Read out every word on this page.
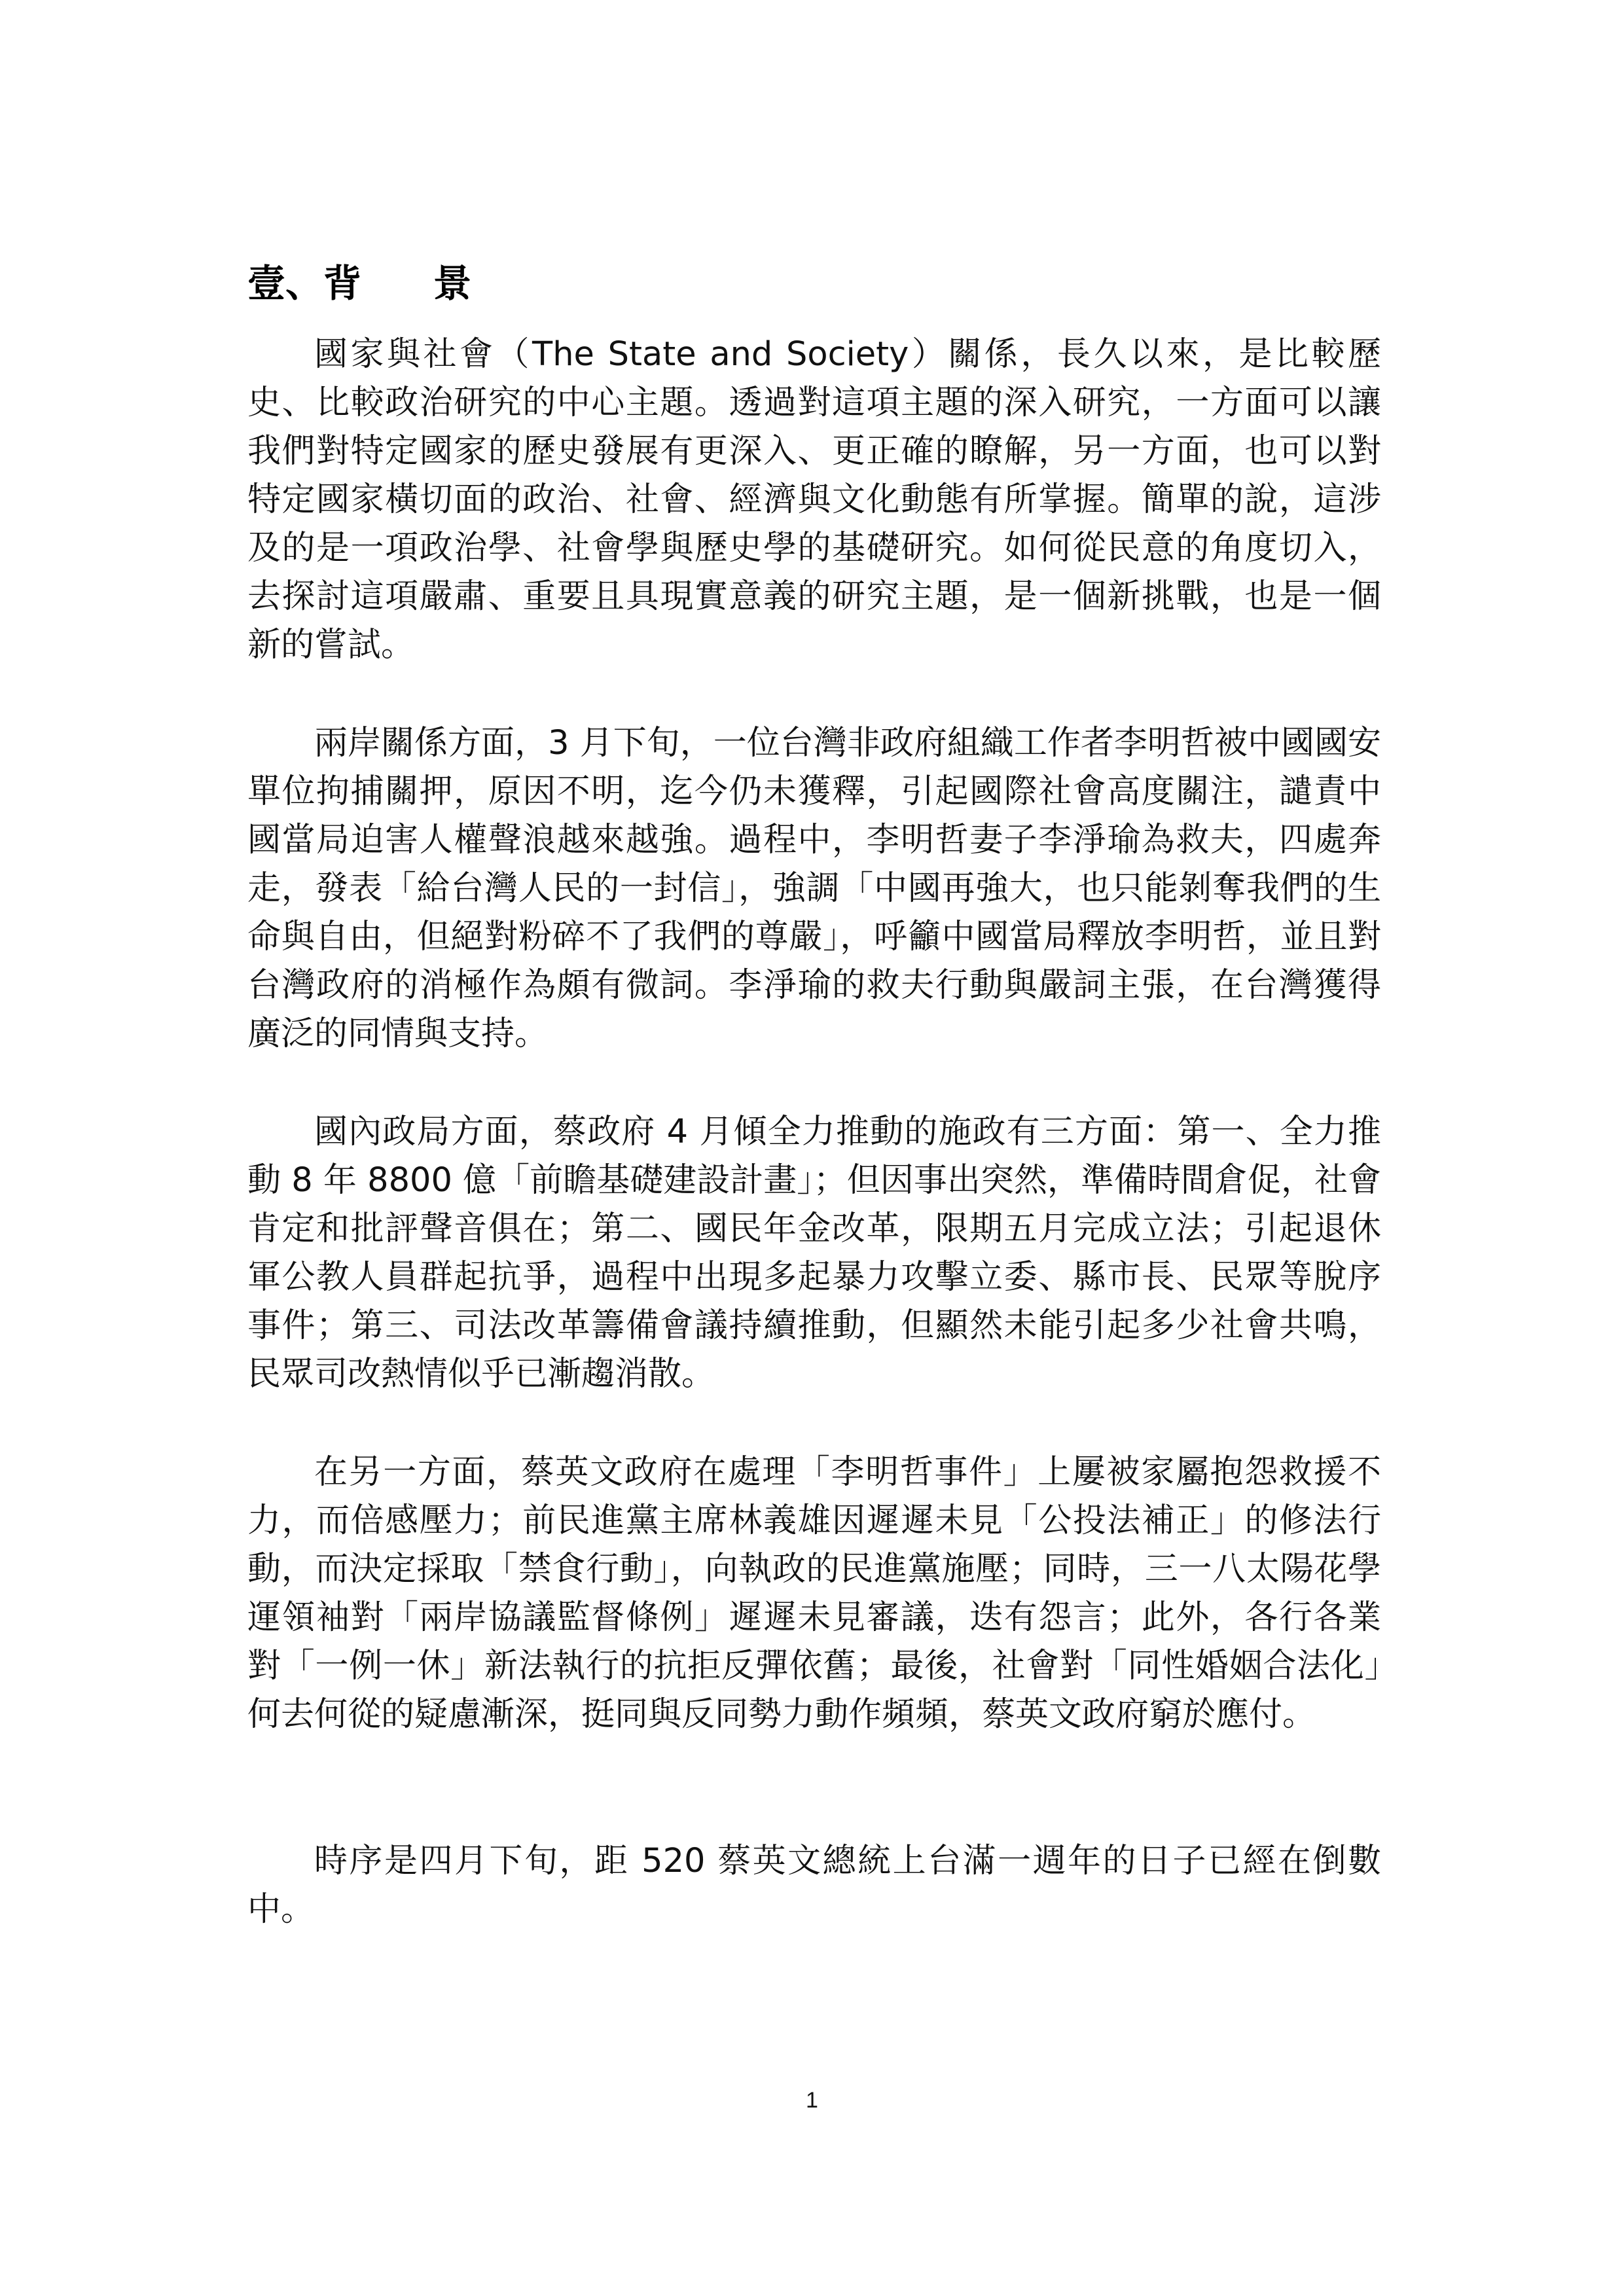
壹、 背 景

國家與社會（The State and Society）關係，長久以來，是比較歷史、比較政治研究的中心主題。透過對這項主題的深入研究，一方面可以讓我們對特定國家的歷史發展有更深入、更正確的瞭解，另一方面，也可以對特定國家橫切面的政治、社會、經濟與文化動態有所掌握。簡單的說，這涉及的是一項政治學、社會學與歷史學的基礎研究。如何從民意的角度切入，去探討這項嚴肅、重要且具現實意義的研究主題，是一個新挑戰，也是一個新的嘗試。

兩岸關係方面，3 月下旬，一位台灣非政府組織工作者李明哲被中國國安單位拘捕關押，原因不明，迄今仍未獲釋，引起國際社會高度關注，譴責中國當局迫害人權聲浪越來越強。過程中，李明哲妻子李淨瑜為救夫，四處奔走，發表「給台灣人民的一封信」，強調「中國再強大，也只能剝奪我們的生命與自由，但絕對粉碎不了我們的尊嚴」，呼籲中國當局釋放李明哲，並且對台灣政府的消極作為頗有微詞。李淨瑜的救夫行動與嚴詞主張，在台灣獲得廣泛的同情與支持。

國內政局方面，蔡政府 4 月傾全力推動的施政有三方面：第一、全力推動 8 年 8800 億「前瞻基礎建設計畫」；但因事出突然，準備時間倉促，社會肯定和批評聲音俱在；第二、國民年金改革，限期五月完成立法；引起退休軍公教人員群起抗爭，過程中出現多起暴力攻擊立委、縣市長、民眾等脫序事件；第三、司法改革籌備會議持續推動，但顯然未能引起多少社會共鳴，民眾司改熱情似乎已漸趨消散。

在另一方面，蔡英文政府在處理「李明哲事件」上屢被家屬抱怨救援不力，而倍感壓力；前民進黨主席林義雄因遲遲未見「公投法補正」的修法行動，而決定採取「禁食行動」，向執政的民進黨施壓；同時，三一八太陽花學運領袖對「兩岸協議監督條例」遲遲未見審議，迭有怨言；此外，各行各業對「一例一休」新法執行的抗拒反彈依舊；最後，社會對「同性婚姻合法化」何去何從的疑慮漸深，挺同與反同勢力動作頻頻，蔡英文政府窮於應付。

時序是四月下旬，距 520 蔡英文總統上台滿一週年的日子已經在倒數中。

1
